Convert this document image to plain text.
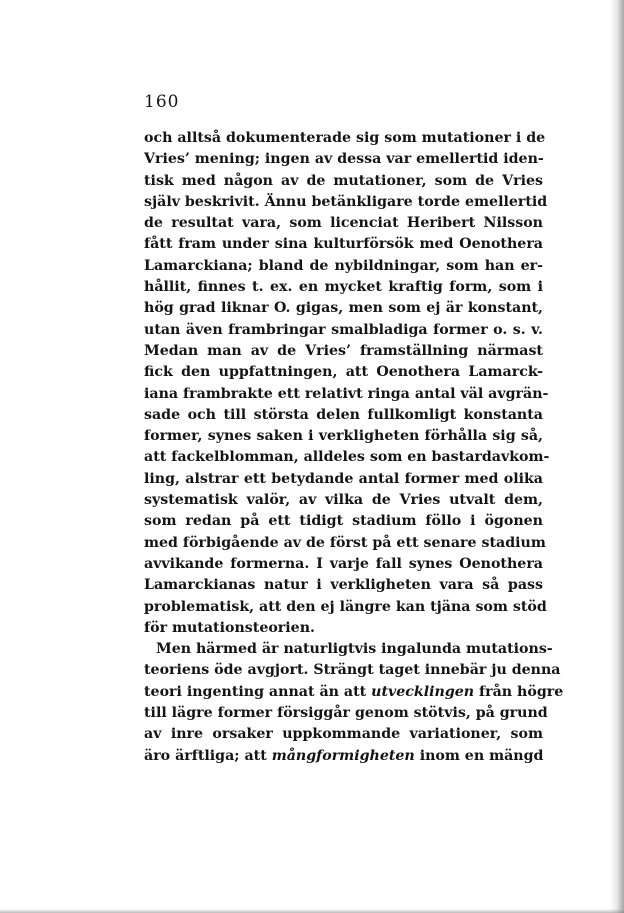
160
och alltså dokumenterade sig som mutationer i de
Vries’ mening; ingen av dessa var emellertid iden-
tisk med någon av de mutationer, som de Vries
själv beskrivit. Ännu betänkligare torde emellertid
de resultat vara, som licenciat Heribert Nilsson
fått fram under sina kulturförsök med Oenothera
Lamarckiana; bland de nybildningar, som han er-
hållit, finnes t. ex. en mycket kraftig form, som i
hög grad liknar O. gigas, men som ej är konstant,
utan även frambringar smalbladiga former o. s. v.
Medan man av de Vries’ framställning närmast
fick den uppfattningen, att Oenothera Lamarck-
iana frambrakte ett relativt ringa antal väl avgrän-
sade och till största delen fullkomligt konstanta
former, synes saken i verkligheten förhålla sig så,
att fackelblomman, alldeles som en bastardavkom-
ling, alstrar ett betydande antal former med olika
systematisk valör, av vilka de Vries utvalt dem,
som redan på ett tidigt stadium föllo i ögonen
med förbigående av de först på ett senare stadium
avvikande formerna. I varje fall synes Oenothera
Lamarckianas natur i verkligheten vara så pass
problematisk, att den ej längre kan tjäna som stöd
för mutationsteorien.
Men härmed är naturligtvis ingalunda mutations-
teoriens öde avgjort. Strängt taget innebär ju denna
teori ingenting annat än att utvecklingen från högre
till lägre former försiggår genom stötvis, på grund
av inre orsaker uppkommande variationer, som
äro ärftliga; att mångformigheten inom en mängd
